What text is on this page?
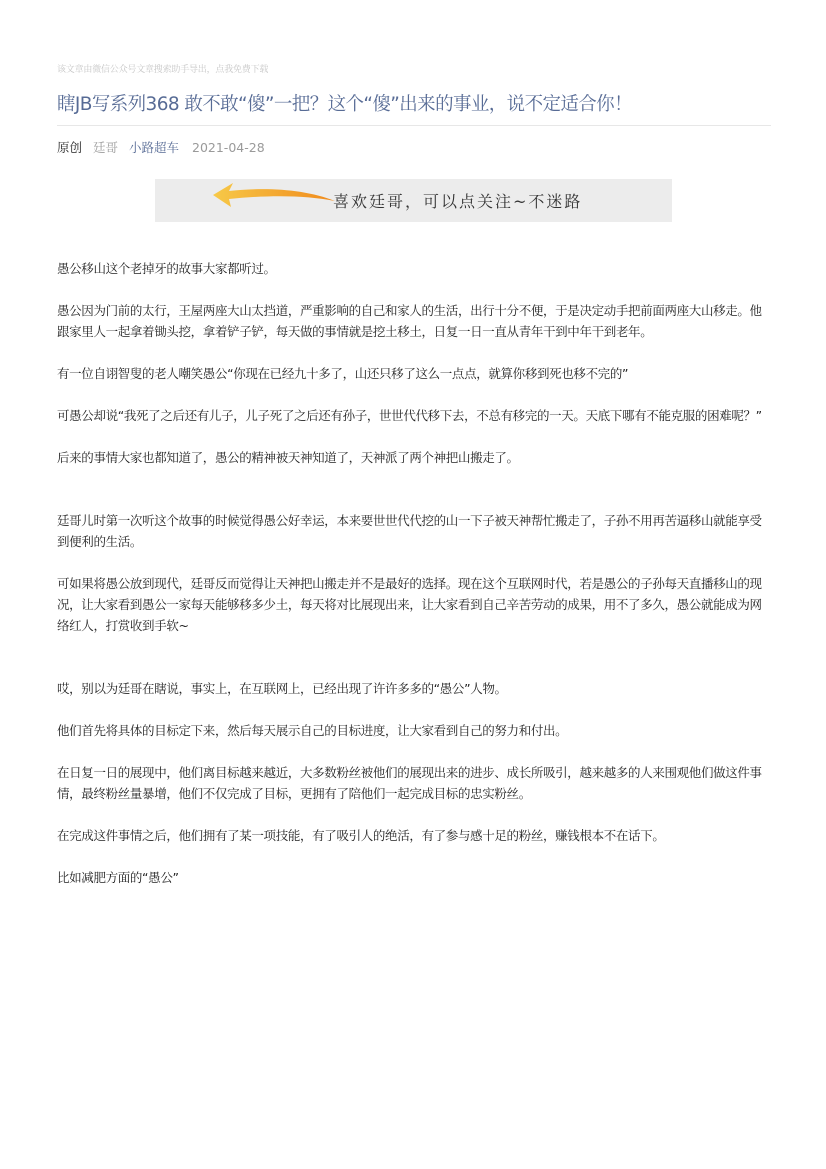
该文章由微信公众号文章搜索助手导出，点我免费下载
瞎JB写系列368 敢不敢“傻”一把？这个“傻”出来的事业，说不定适合你！
原创 廷哥 小路超车 2021-04-28
喜欢廷哥，可以点关注~不迷路

愚公移山这个老掉牙的故事大家都听过。

愚公因为门前的太行，王屋两座大山太挡道，严重影响的自己和家人的生活，出行十分不便，于是决定动手把前面两座大山移走。他跟家里人一起拿着锄头挖，拿着铲子铲，每天做的事情就是挖土移土，日复一日一直从青年干到中年干到老年。

有一位自诩智叟的老人嘲笑愚公“你现在已经九十多了，山还只移了这么一点点，就算你移到死也移不完的”

可愚公却说“我死了之后还有儿子，儿子死了之后还有孙子，世世代代移下去，不总有移完的一天。天底下哪有不能克服的困难呢？”

后来的事情大家也都知道了，愚公的精神被天神知道了，天神派了两个神把山搬走了。

廷哥儿时第一次听这个故事的时候觉得愚公好幸运，本来要世世代代挖的山一下子被天神帮忙搬走了，子孙不用再苦逼移山就能享受到便利的生活。

可如果将愚公放到现代，廷哥反而觉得让天神把山搬走并不是最好的选择。现在这个互联网时代，若是愚公的子孙每天直播移山的现况，让大家看到愚公一家每天能够移多少土，每天将对比展现出来，让大家看到自己辛苦劳动的成果，用不了多久，愚公就能成为网络红人，打赏收到手软~

哎，别以为廷哥在瞎说，事实上，在互联网上，已经出现了许许多多的“愚公”人物。

他们首先将具体的目标定下来，然后每天展示自己的目标进度，让大家看到自己的努力和付出。

在日复一日的展现中，他们离目标越来越近，大多数粉丝被他们的展现出来的进步、成长所吸引，越来越多的人来围观他们做这件事情，最终粉丝量暴增，他们不仅完成了目标，更拥有了陪他们一起完成目标的忠实粉丝。

在完成这件事情之后，他们拥有了某一项技能，有了吸引人的绝活，有了参与感十足的粉丝，赚钱根本不在话下。

比如减肥方面的“愚公”
